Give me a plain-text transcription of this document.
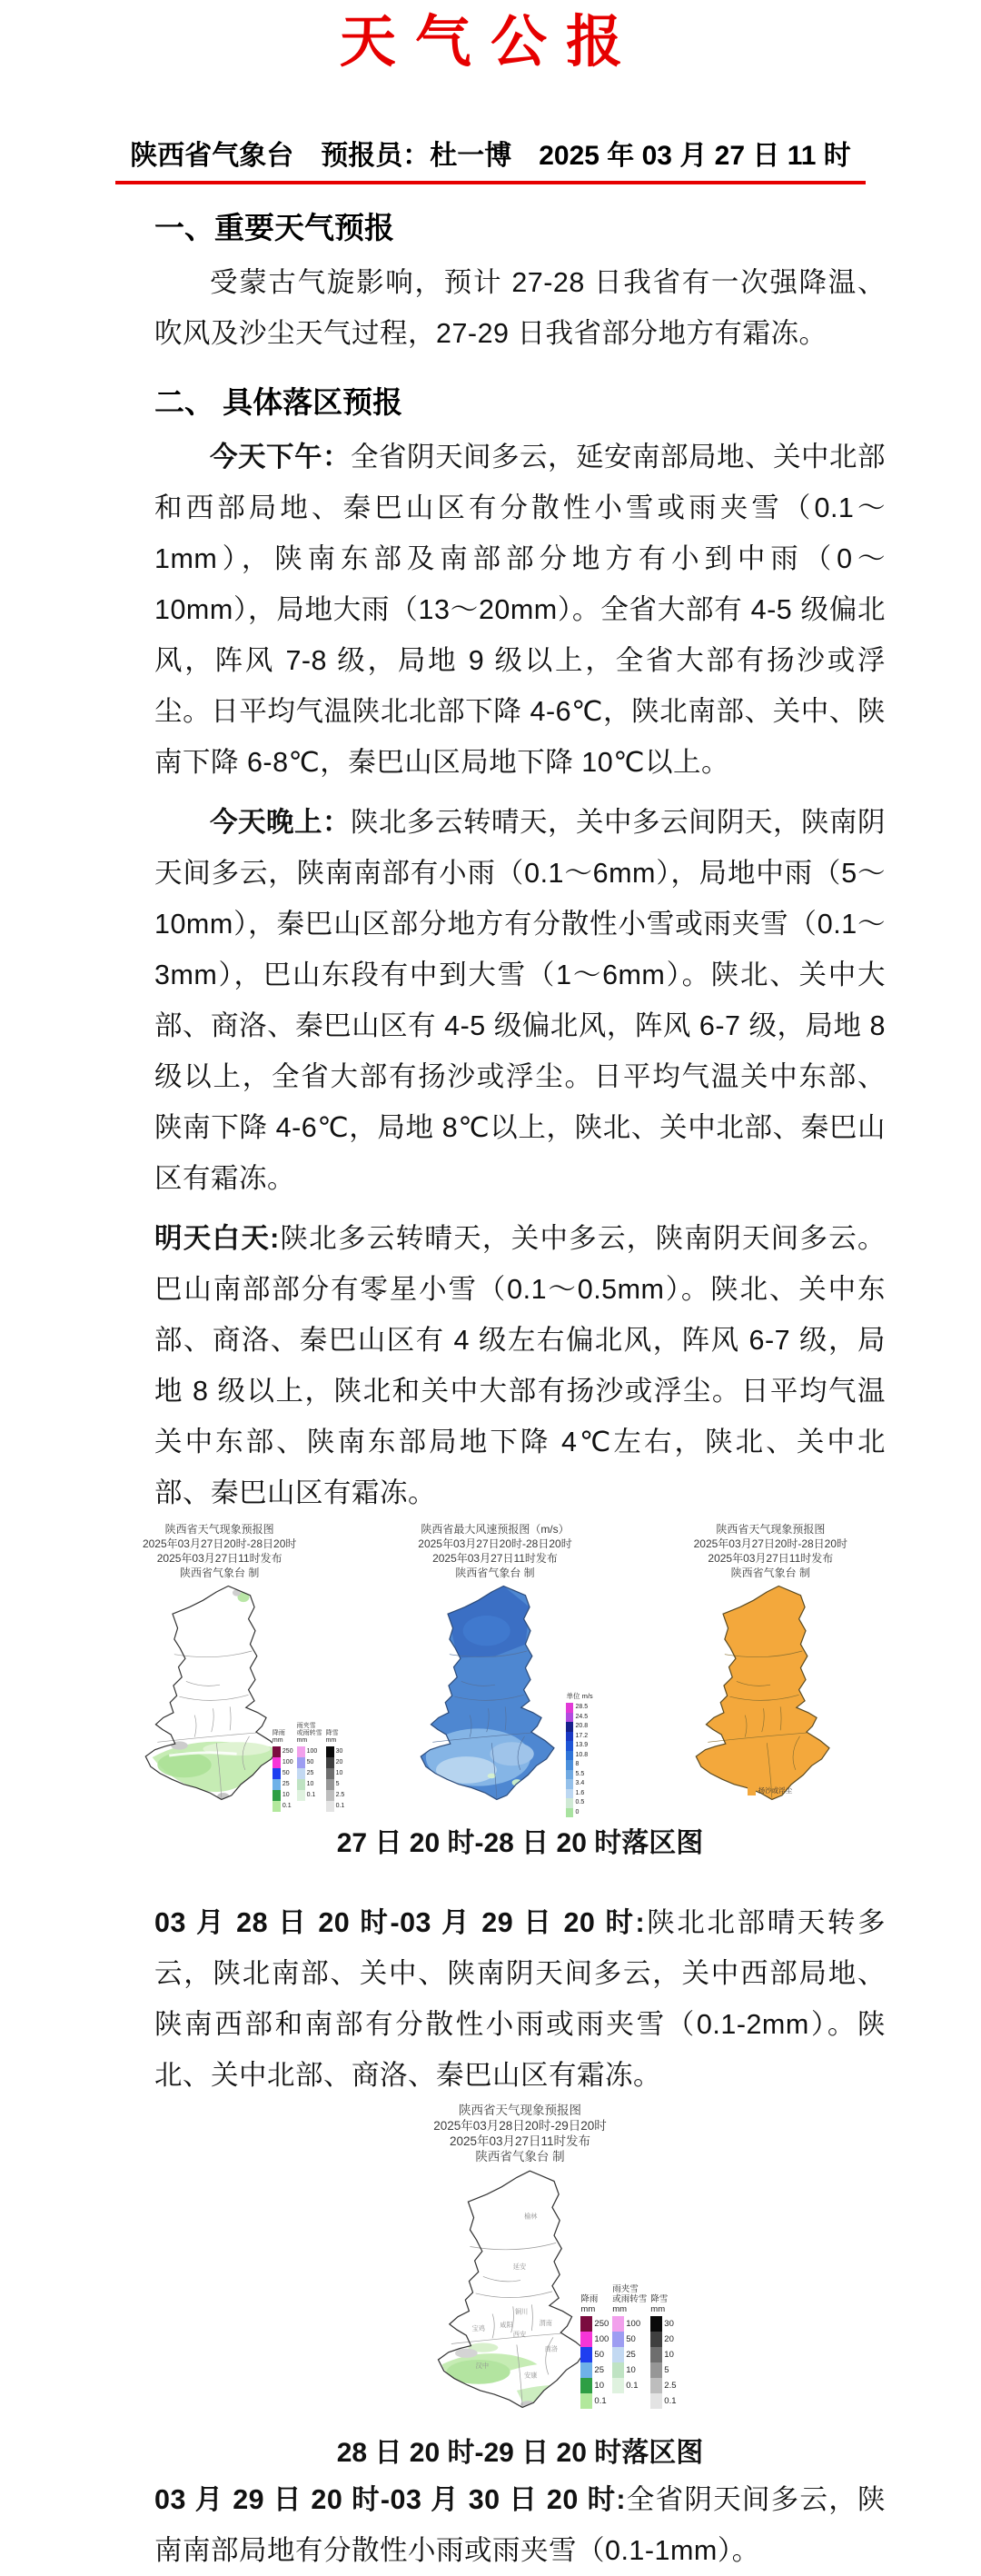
天气公报
陕西省气象台　预报员：杜一博　2025 年 03 月 27 日 11 时
一、重要天气预报

受蒙古气旋影响，预计 27-28 日我省有一次强降温、吹风及沙尘天气过程，27-29 日我省部分地方有霜冻。

二、 具体落区预报

今天下午：全省阴天间多云，延安南部局地、关中北部和西部局地、秦巴山区有分散性小雪或雨夹雪（0.1～1mm），陕南东部及南部部分地方有小到中雨（0～10mm），局地大雨（13～20mm）。全省大部有 4-5 级偏北风，阵风 7-8 级，局地 9 级以上，全省大部有扬沙或浮尘。日平均气温陕北北部下降 4-6℃，陕北南部、关中、陕南下降 6-8℃，秦巴山区局地下降 10℃以上。

今天晚上：陕北多云转晴天，关中多云间阴天，陕南阴天间多云，陕南南部有小雨（0.1～6mm），局地中雨（5～10mm），秦巴山区部分地方有分散性小雪或雨夹雪（0.1～3mm），巴山东段有中到大雪（1～6mm）。陕北、关中大部、商洛、秦巴山区有 4-5 级偏北风，阵风 6-7 级，局地 8 级以上，全省大部有扬沙或浮尘。日平均气温关中东部、陕南下降 4-6℃，局地 8℃以上，陕北、关中北部、秦巴山区有霜冻。

明天白天:陕北多云转晴天，关中多云，陕南阴天间多云。巴山南部部分有零星小雪（0.1～0.5mm）。陕北、关中东部、商洛、秦巴山区有 4 级左右偏北风，阵风 6-7 级，局地 8 级以上，陕北和关中大部有扬沙或浮尘。日平均气温关中东部、陕南东部局地下降 4℃左右，陕北、关中北部、秦巴山区有霜冻。

陕西省天气现象预报图
2025年03月27日20时-28日20时
2025年03月27日11时发布
陕西省气象台 制
降雨
mm
250
100
50
25
10
0.1
雨夹雪
或雨转雪
mm
100
50
25
10
0.1
降雪
mm
30
20
10
5
2.5
0.1
陕西省最大风速预报图（m/s）
2025年03月27日20时-28日20时
2025年03月27日11时发布
陕西省气象台 制
单位 m/s
28.5
24.5
20.8
17.2
13.9
10.8
8
5.5
3.4
1.6
0.5
0
陕西省天气现象预报图
2025年03月27日20时-28日20时
2025年03月27日11时发布
陕西省气象台 制
扬沙或浮尘
27 日 20 时-28 日 20 时落区图

03 月 28 日 20 时-03 月 29 日 20 时:陕北北部晴天转多云，陕北南部、关中、陕南阴天间多云，关中西部局地、陕南西部和南部有分散性小雨或雨夹雪（0.1-2mm）。陕北、关中北部、商洛、秦巴山区有霜冻。

陕西省天气现象预报图
2025年03月28日20时-29日20时
2025年03月27日11时发布
陕西省气象台 制
榆林
延安
铜川
咸阳
宝鸡
西安
渭南
商洛
汉中
安康
降雨
mm
250
100
50
25
10
0.1
雨夹雪
或雨转雪
mm
100
50
25
10
0.1
降雪
mm
30
20
10
5
2.5
0.1
28 日 20 时-29 日 20 时落区图

03 月 29 日 20 时-03 月 30 日 20 时:全省阴天间多云，陕南南部局地有分散性小雨或雨夹雪（0.1-1mm）。
